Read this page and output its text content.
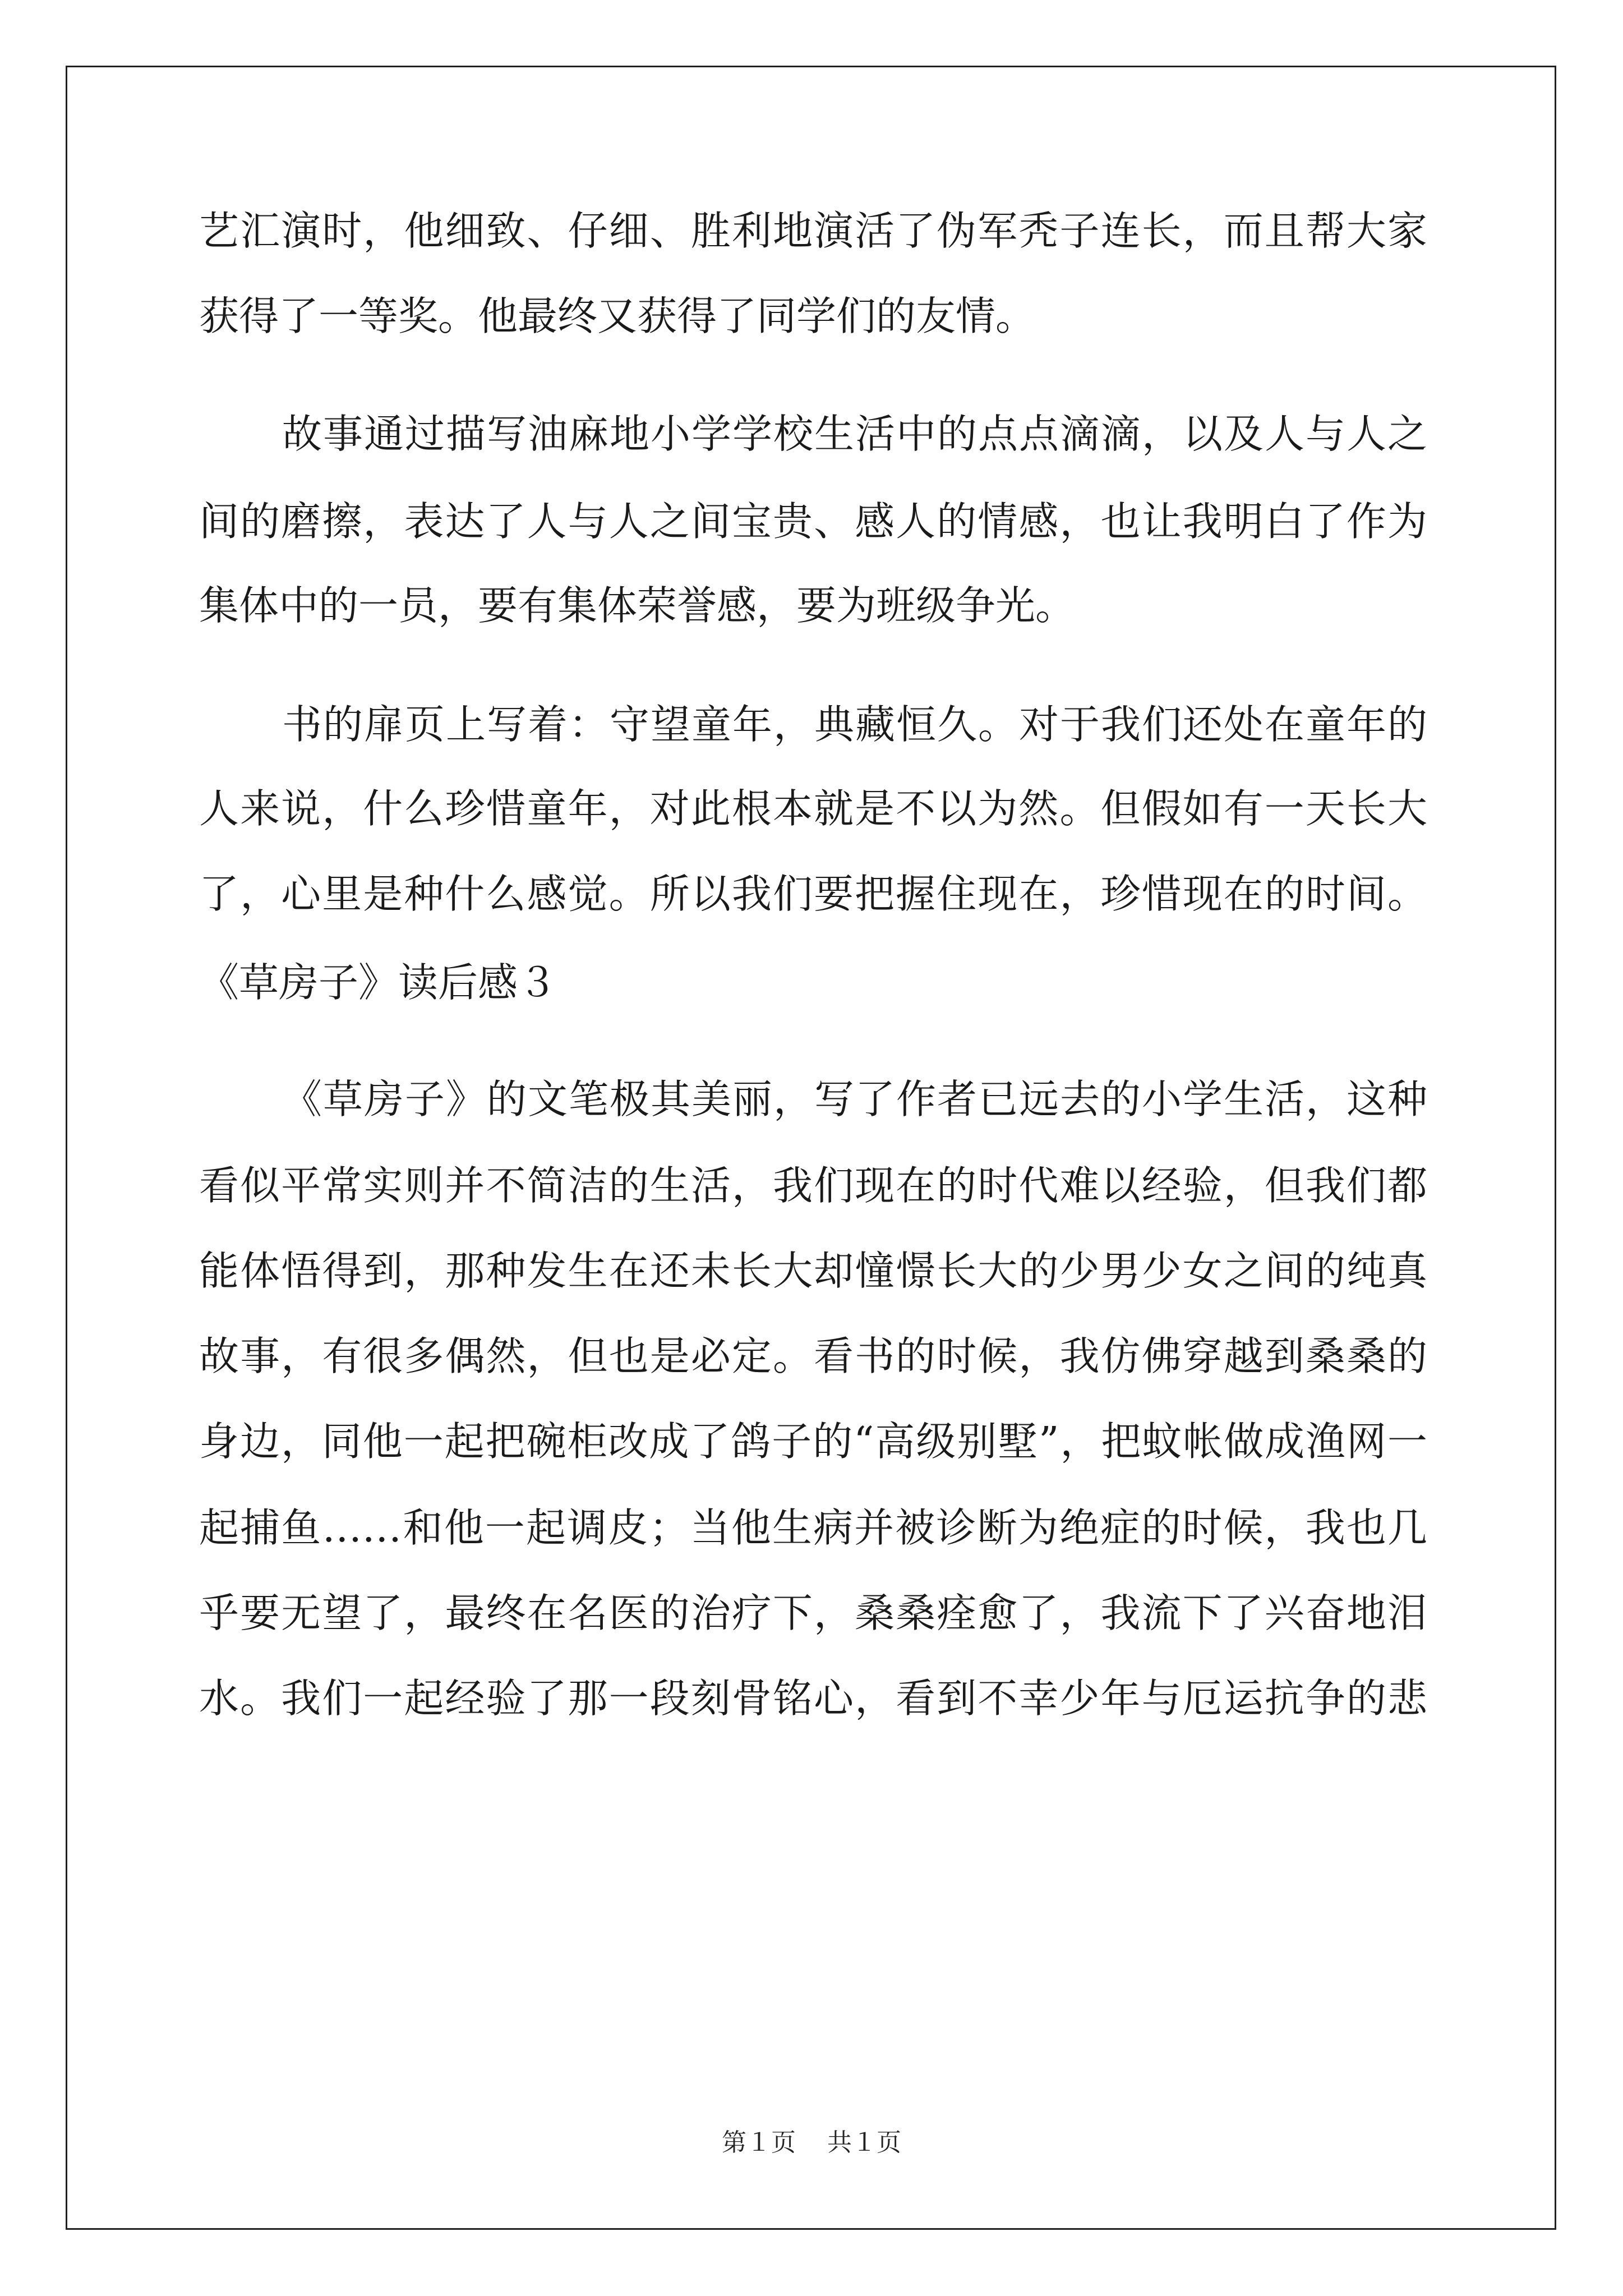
艺汇演时，他细致、仔细、胜利地演活了伪军秃子连长，而且帮大家
获得了一等奖。他最终又获得了同学们的友情。
故事通过描写油麻地小学学校生活中的点点滴滴，以及人与人之
间的磨擦，表达了人与人之间宝贵、感人的情感，也让我明白了作为
集体中的一员，要有集体荣誉感，要为班级争光。
书的扉页上写着：守望童年，典藏恒久。对于我们还处在童年的
人来说，什么珍惜童年，对此根本就是不以为然。但假如有一天长大
了，心里是种什么感觉。所以我们要把握住现在，珍惜现在的时间。
《草房子》读后感３
《草房子》的文笔极其美丽，写了作者已远去的小学生活，这种
看似平常实则并不简洁的生活，我们现在的时代难以经验，但我们都
能体悟得到，那种发生在还未长大却憧憬长大的少男少女之间的纯真
故事，有很多偶然，但也是必定。看书的时候，我仿佛穿越到桑桑的
身边，同他一起把碗柜改成了鸽子的“高级别墅”，把蚊帐做成渔网一
起捕鱼……和他一起调皮；当他生病并被诊断为绝症的时候，我也几
乎要无望了，最终在名医的治疗下，桑桑痊愈了，我流下了兴奋地泪
水。我们一起经验了那一段刻骨铭心，看到不幸少年与厄运抗争的悲
第１页 共１页
